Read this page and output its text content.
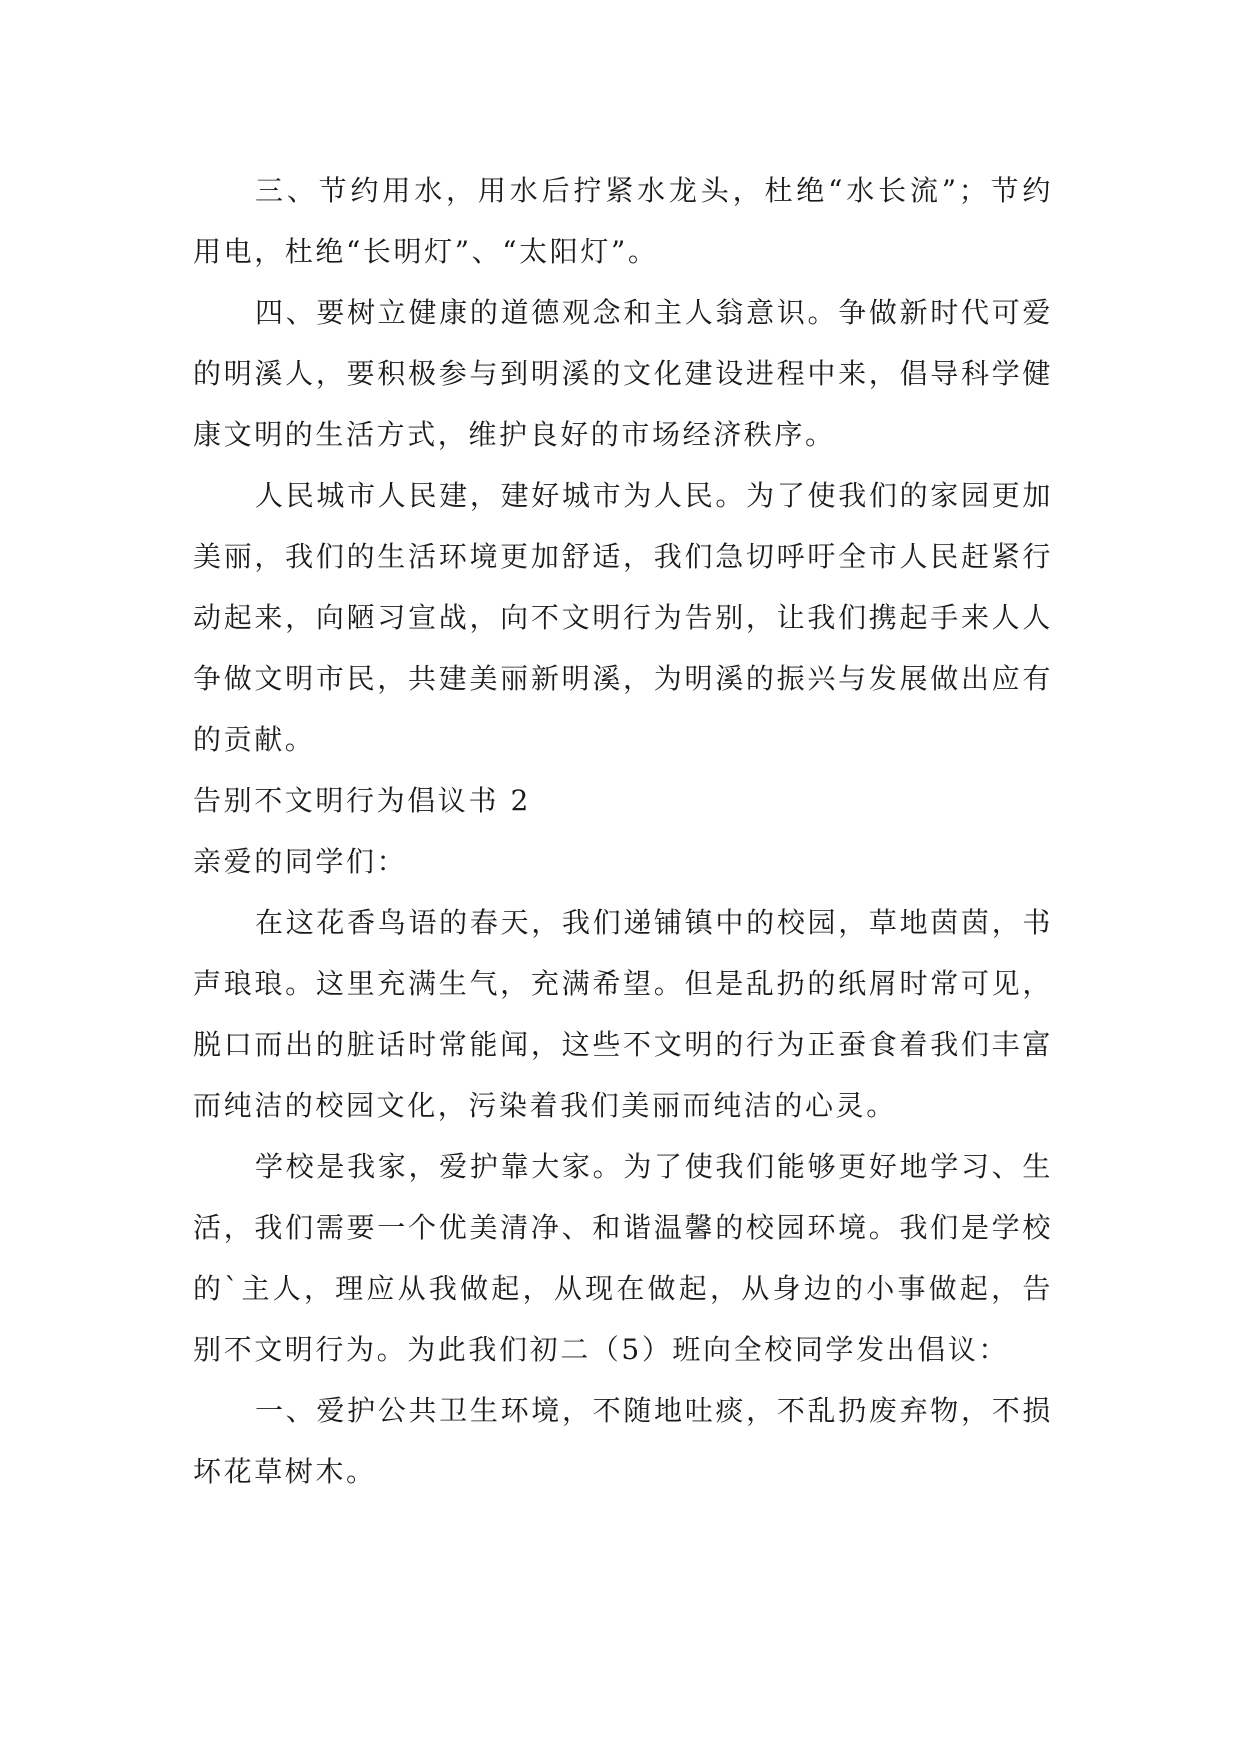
三、节约用水，用水后拧紧水龙头，杜绝“水长流”；节约用电，杜绝“长明灯”、“太阳灯”。

四、要树立健康的道德观念和主人翁意识。争做新时代可爱的明溪人，要积极参与到明溪的文化建设进程中来，倡导科学健康文明的生活方式，维护良好的市场经济秩序。

人民城市人民建，建好城市为人民。为了使我们的家园更加美丽，我们的生活环境更加舒适，我们急切呼吁全市人民赶紧行动起来，向陋习宣战，向不文明行为告别，让我们携起手来人人争做文明市民，共建美丽新明溪，为明溪的振兴与发展做出应有的贡献。

告别不文明行为倡议书 2

亲爱的同学们：

在这花香鸟语的春天，我们递铺镇中的校园，草地茵茵，书声琅琅。这里充满生气，充满希望。但是乱扔的纸屑时常可见，脱口而出的脏话时常能闻，这些不文明的行为正蚕食着我们丰富而纯洁的校园文化，污染着我们美丽而纯洁的心灵。

学校是我家，爱护靠大家。为了使我们能够更好地学习、生活，我们需要一个优美清净、和谐温馨的校园环境。我们是学校的`主人，理应从我做起，从现在做起，从身边的小事做起，告别不文明行为。为此我们初二（5）班向全校同学发出倡议：

一、爱护公共卫生环境，不随地吐痰，不乱扔废弃物，不损坏花草树木。
